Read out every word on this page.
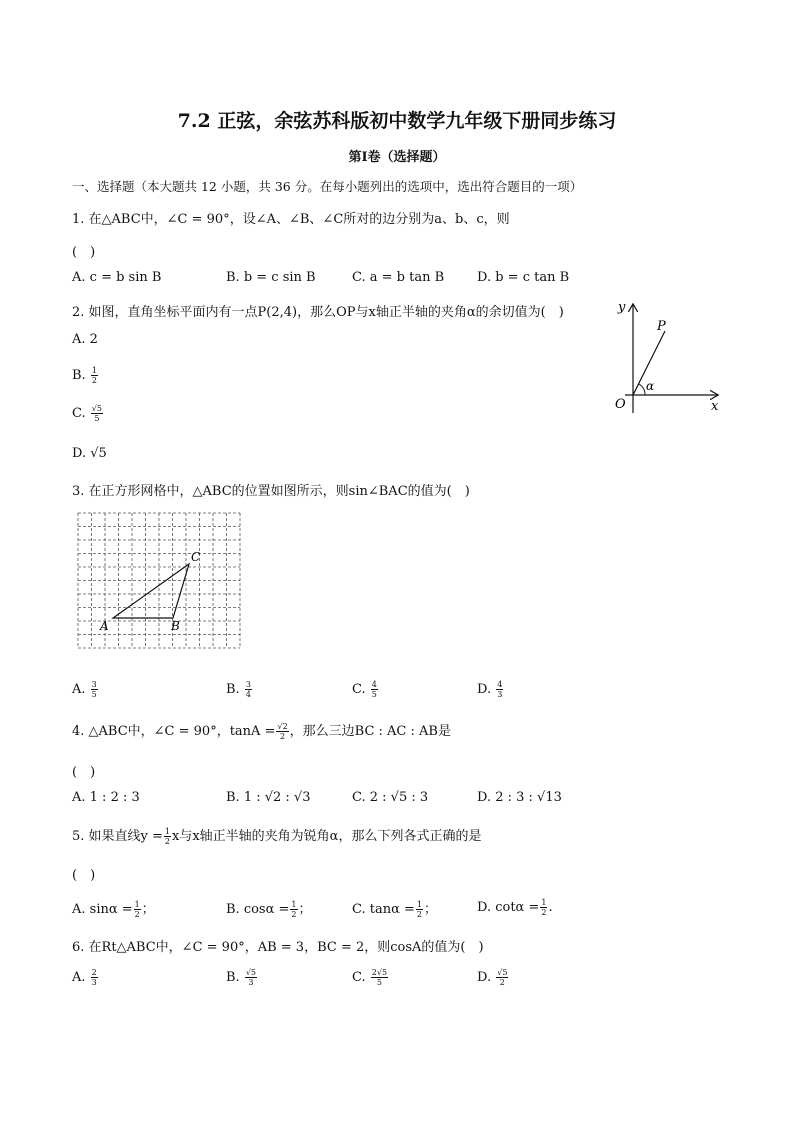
7.2 正弦，余弦苏科版初中数学九年级下册同步练习
第Ⅰ卷（选择题）
一、选择题（本大题共 12 小题，共 36 分。在每小题列出的选项中，选出符合题目的一项）
1. 在△ABC中，∠C = 90°，设∠A、∠B、∠C所对的边分别为a、b、c，则
(　)
A. c = b sin B	B. b = c sin B	C. a = b tan B	D. b = c tan B
2. 如图，直角坐标平面内有一点P(2,4)，那么OP与x轴正半轴的夹角α的余切值为(　)
A. 2
B. $\frac{1}{2}$
C. $\frac{√5}{5}$
D. √5
y
x
O
P
α
3. 在正方形网格中，△ABC的位置如图所示，则sin∠BAC的值为(　)
A	B
C
A. $\frac{3}{5}$	B. $\frac{3}{4}$	C. $\frac{4}{5}$	D. $\frac{4}{3}$
4. △ABC中，∠C = 90°，$\tan A = \frac{√2}{2}$ ，那么三边BC : AC : AB是
(　)
A. 1 : 2 : 3	B. 1 : √2 : √3	C. 2 : √5 : 3	D. 2 : 3 : √13
5. 如果直线$y = \frac{1}{2}$ x与x轴正半轴的夹角为锐角α，那么下列各式正确的是
(　)
A. $\sin\alpha = \frac{1}{2}$ ；	B. $\cos\alpha = \frac{1}{2}$ ；	C. $\tan\alpha = \frac{1}{2}$ ；	D. $\cot\alpha = \frac{1}{2}$ .
6. 在Rt△ABC中，∠C = 90°，AB = 3，BC = 2，则cosA的值为(　)
A. $\frac{2}{3}$	B. $\frac{√5}{3}$	C. $\frac{2√5}{5}$	D. $\frac{√5}{2}$
